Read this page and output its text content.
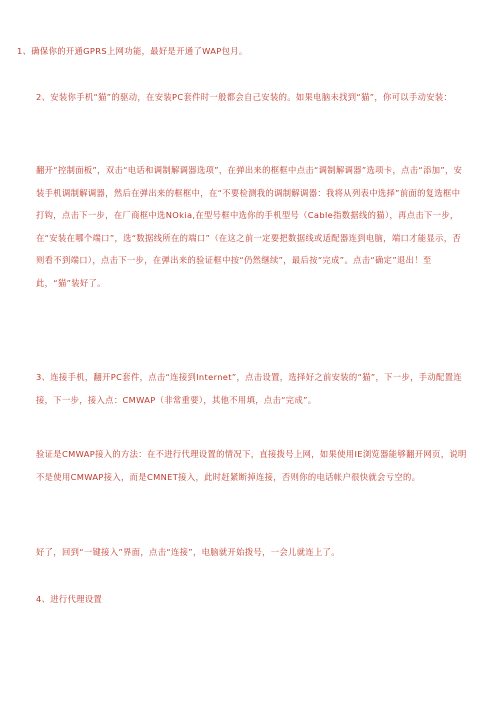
1、确保你的开通GPRS上网功能，最好是开通了WAP包月。

2、安装你手机“猫”的驱动，在安装PC套件时一般都会自己安装的。如果电脑未找到“猫”，你可以手动安装：

翻开“控制面板”，双击“电话和调制解调器选项”，在弹出来的框框中点击“调制解调器”选项卡，点击“添加”，安装手机调制解调器，然后在弹出来的框框中，在“不要检测我的调制解调器：我将从列表中选择”前面的复选框中打钩，点击下一步，在厂商框中选NOkia,在型号框中选你的手机型号（Cable指数据线的猫），再点击下一步，在“安装在哪个端口”，选“数据线所在的端口”（在这之前一定要把数据线或适配器连到电脑，端口才能显示，否则看不到端口），点击下一步，在弹出来的验证框中按“仍然继续”，最后按“完成”。点击“确定”退出！至此，“猫”装好了。

3、连接手机，翻开PC套件，点击“连接到Internet”，点击设置，选择好之前安装的“猫”，下一步，手动配置连接，下一步，接入点：CMWAP（非常重要），其他不用填，点击“完成”。

验证是CMWAP接入的方法：在不进行代理设置的情况下，直接拨号上网，如果使用IE浏览器能够翻开网页，说明不是使用CMWAP接入，而是CMNET接入，此时赶紧断掉连接，否则你的电话帐户很快就会亏空的。

好了，回到“一键接入”界面，点击“连接”，电脑就开始拨号，一会儿就连上了。

4、进行代理设置
